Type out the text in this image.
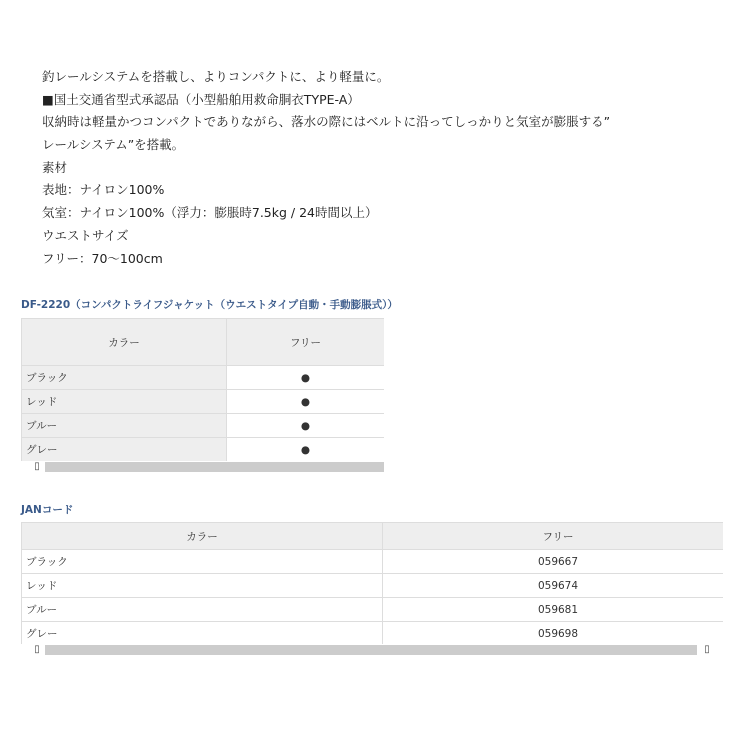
釣レールシステムを搭載し、よりコンパクトに、より軽量に。
■国土交通省型式承認品（小型船舶用救命胴衣TYPE-A）
収納時は軽量かつコンパクトでありながら、落水の際にはベルトに沿ってしっかりと気室が膨脹する”
レールシステム”を搭載。
素材
表地：ナイロン100%
気室：ナイロン100%（浮力：膨脹時7.5kg / 24時間以上）
ウエストサイズ
フリー：70〜100cm
DF-2220（コンパクトライフジャケット（ウエストタイプ自動・手動膨脹式））
カラー	フリー
ブラック	●
レッド	●
ブルー	●
グレー	●
▯
JANコード
カラー	フリー
ブラック	059667
レッド	059674
ブルー	059681
グレー	059698
▯	▯
